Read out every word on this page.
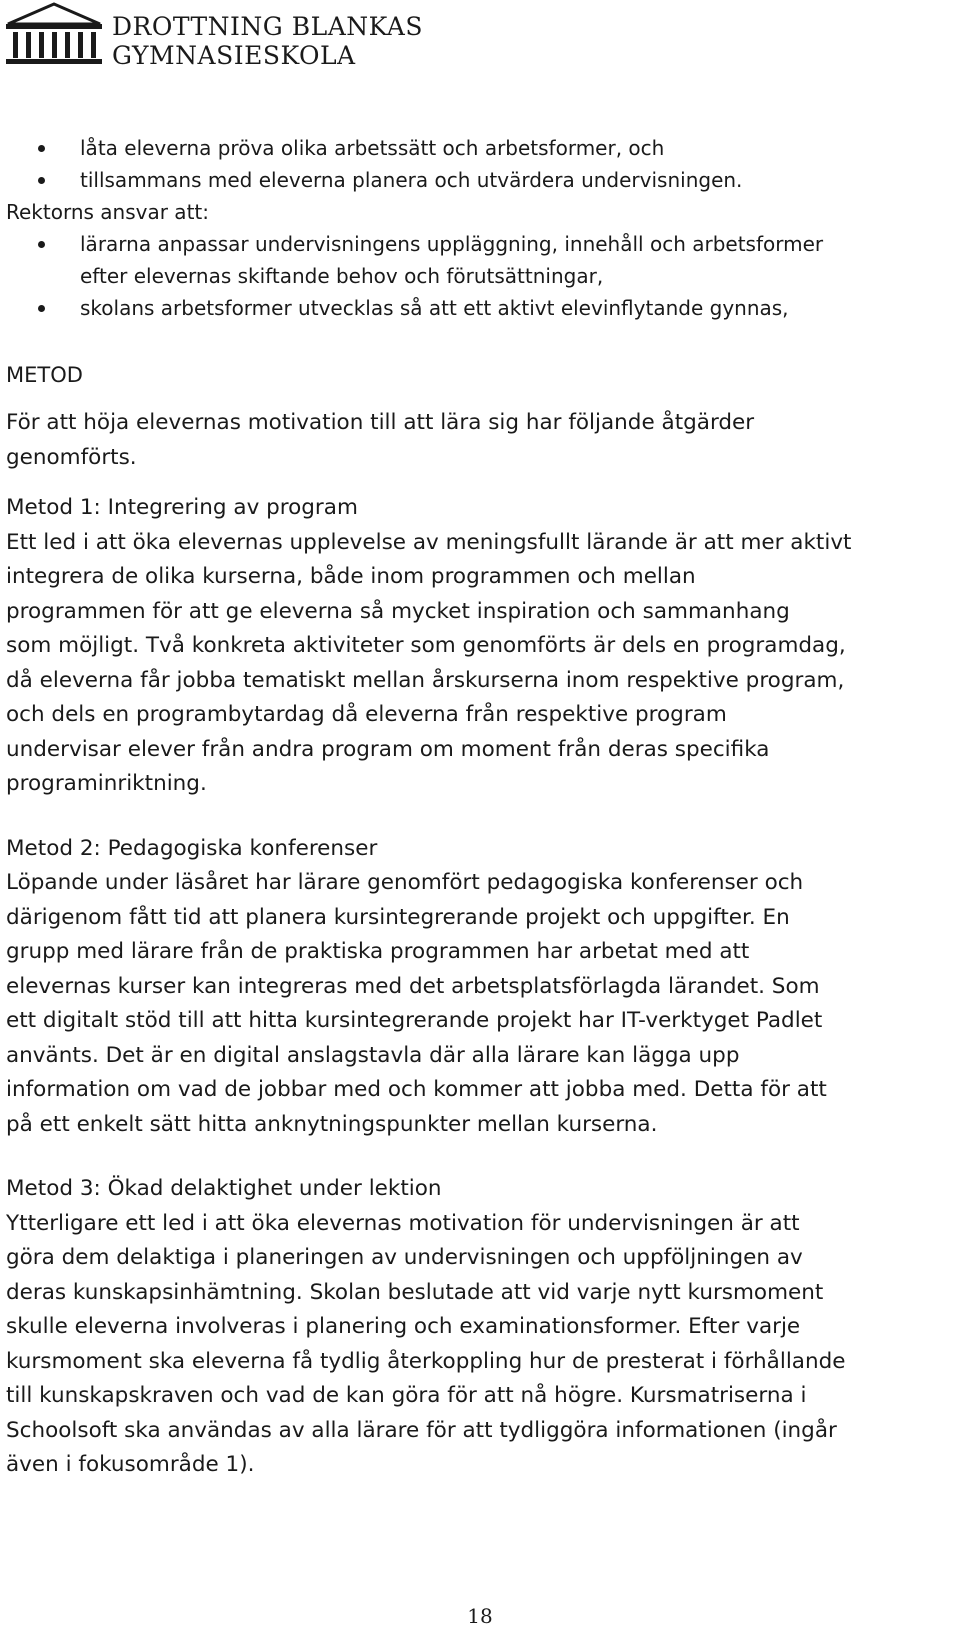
DROTTNING BLANKAS
GYMNASIESKOLA
låta eleverna pröva olika arbetssätt och arbetsformer, och
tillsammans med eleverna planera och utvärdera undervisningen.
Rektorns ansvar att:
lärarna anpassar undervisningens uppläggning, innehåll och arbetsformer
efter elevernas skiftande behov och förutsättningar,
skolans arbetsformer utvecklas så att ett aktivt elevinflytande gynnas,
METOD
För att höja elevernas motivation till att lära sig har följande åtgärder
genomförts.
Metod 1: Integrering av program
Ett led i att öka elevernas upplevelse av meningsfullt lärande är att mer aktivt
integrera de olika kurserna, både inom programmen och mellan
programmen för att ge eleverna så mycket inspiration och sammanhang
som möjligt. Två konkreta aktiviteter som genomförts är dels en programdag,
då eleverna får jobba tematiskt mellan årskurserna inom respektive program,
och dels en programbytardag då eleverna från respektive program
undervisar elever från andra program om moment från deras specifika
programinriktning.
Metod 2: Pedagogiska konferenser
Löpande under läsåret har lärare genomfört pedagogiska konferenser och
därigenom fått tid att planera kursintegrerande projekt och uppgifter. En
grupp med lärare från de praktiska programmen har arbetat med att
elevernas kurser kan integreras med det arbetsplatsförlagda lärandet. Som
ett digitalt stöd till att hitta kursintegrerande projekt har IT-verktyget Padlet
använts. Det är en digital anslagstavla där alla lärare kan lägga upp
information om vad de jobbar med och kommer att jobba med. Detta för att
på ett enkelt sätt hitta anknytningspunkter mellan kurserna.
Metod 3: Ökad delaktighet under lektion
Ytterligare ett led i att öka elevernas motivation för undervisningen är att
göra dem delaktiga i planeringen av undervisningen och uppföljningen av
deras kunskapsinhämtning. Skolan beslutade att vid varje nytt kursmoment
skulle eleverna involveras i planering och examinationsformer. Efter varje
kursmoment ska eleverna få tydlig återkoppling hur de presterat i förhållande
till kunskapskraven och vad de kan göra för att nå högre. Kursmatriserna i
Schoolsoft ska användas av alla lärare för att tydliggöra informationen (ingår
även i fokusområde 1).
18
